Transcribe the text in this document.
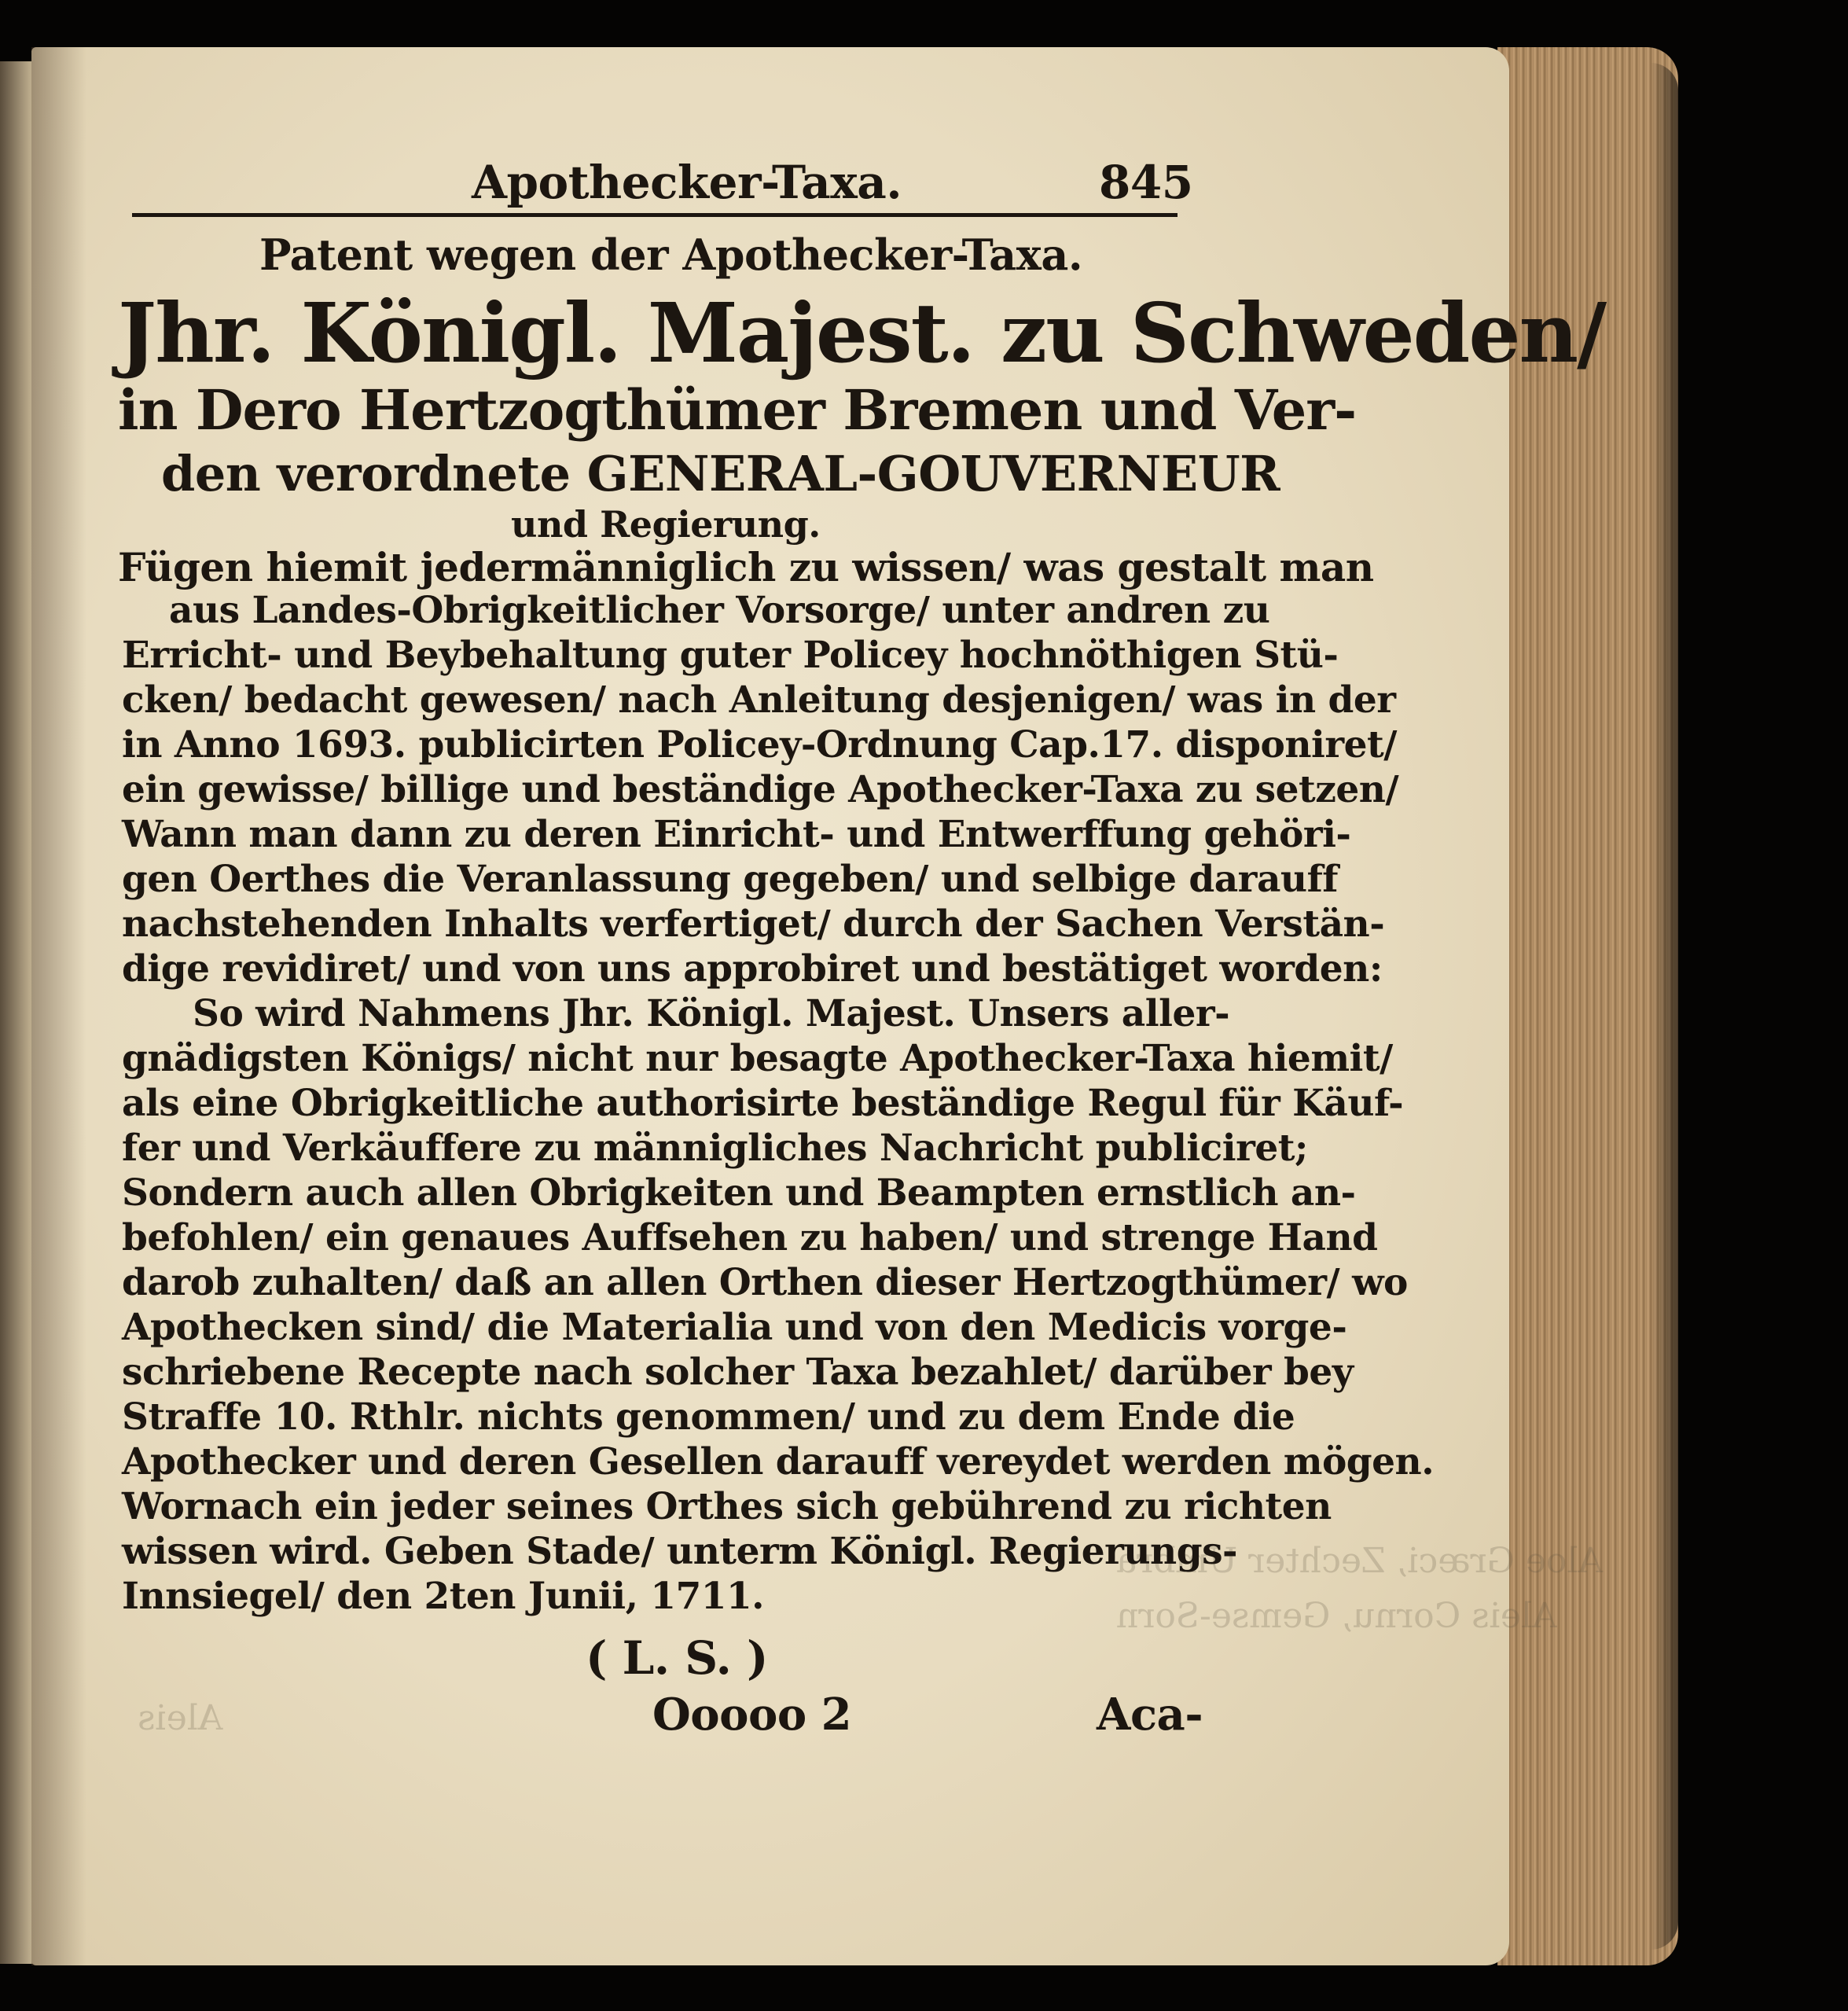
Aloe Græci, Zechter Umbra
Aleis Cornu, Gemse-Sorn
Aleis
Apothecker-Taxa.	845
Patent wegen der Apothecker-Taxa.
Jhr. Königl. Majest. zu Schweden/
in Dero Hertzogthümer Bremen und Ver-
den verordnete GENERAL-GOUVERNEUR
und Regierung.
Fügen hiemit jedermänniglich zu wissen/ was gestalt man
aus Landes-Obrigkeitlicher Vorsorge/ unter andren zu
Erricht- und Beybehaltung guter Policey hochnöthigen Stü-
cken/ bedacht gewesen/ nach Anleitung desjenigen/ was in der
in Anno 1693. publicirten Policey-Ordnung Cap.17. disponiret/
ein gewisse/ billige und beständige Apothecker-Taxa zu setzen/
Wann man dann zu deren Einricht- und Entwerffung gehöri-
gen Oerthes die Veranlassung gegeben/ und selbige darauff
nachstehenden Inhalts verfertiget/ durch der Sachen Verstän-
dige revidiret/ und von uns approbiret und bestätiget worden:
So wird Nahmens Jhr. Königl. Majest. Unsers aller-
gnädigsten Königs/ nicht nur besagte Apothecker-Taxa hiemit/
als eine Obrigkeitliche authorisirte beständige Regul für Käuf-
fer und Verkäuffere zu männigliches Nachricht publiciret;
Sondern auch allen Obrigkeiten und Beampten ernstlich an-
befohlen/ ein genaues Auffsehen zu haben/ und strenge Hand
darob zuhalten/ daß an allen Orthen dieser Hertzogthümer/ wo
Apothecken sind/ die Materialia und von den Medicis vorge-
schriebene Recepte nach solcher Taxa bezahlet/ darüber bey
Straffe 10. Rthlr. nichts genommen/ und zu dem Ende die
Apothecker und deren Gesellen darauff vereydet werden mögen.
Wornach ein jeder seines Orthes sich gebührend zu richten
wissen wird. Geben Stade/ unterm Königl. Regierungs-
Innsiegel/ den 2ten Junii, 1711.
( L. S. )
Ooooo 2	Aca-
